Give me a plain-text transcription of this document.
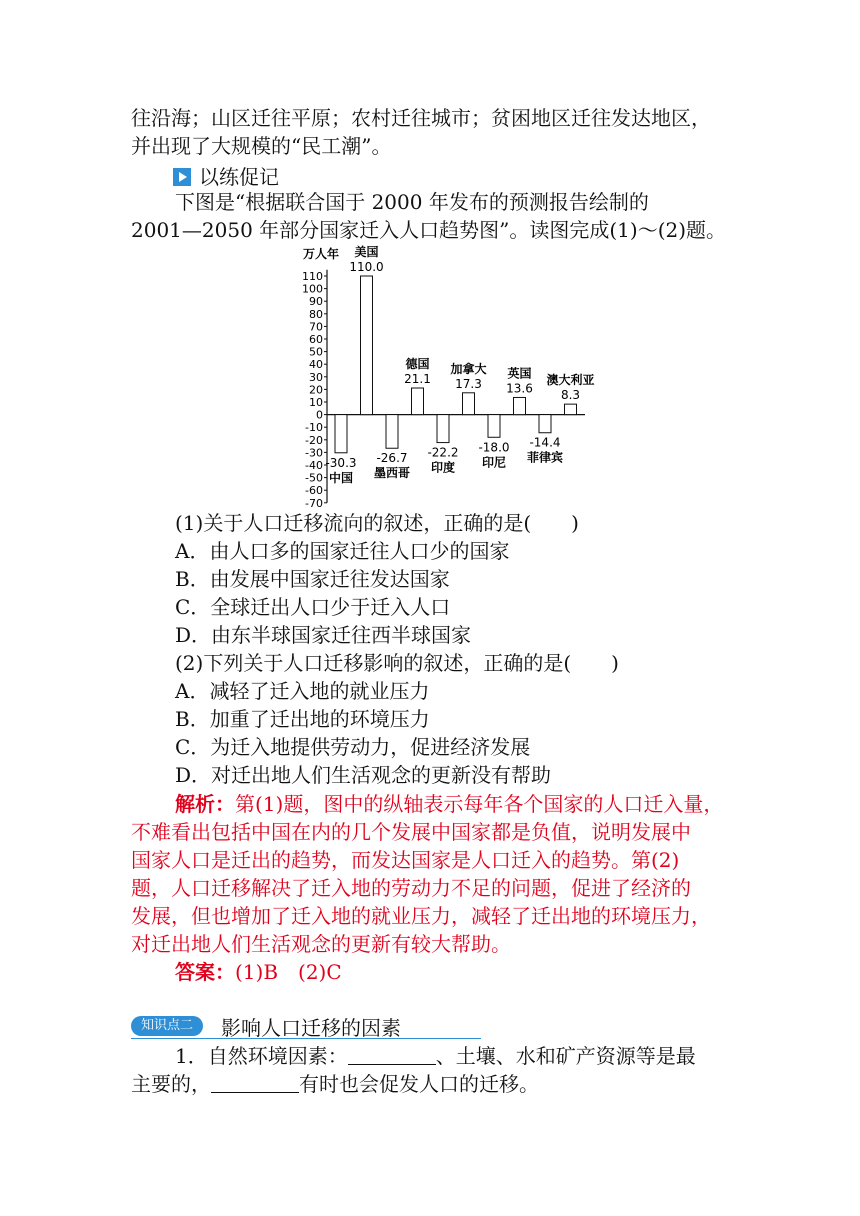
往沿海；山区迁往平原；农村迁往城市；贫困地区迁往发达地区，
并出现了大规模的“民工潮”。
以练促记
下图是“根据联合国于 2000 年发布的预测报告绘制的
2001—2050 年部分国家迁入人口趋势图”。读图完成(1)～(2)题。
万人年
110
100
90
80
70
60
50
40
30
20
10
0
-10
-20
-30
-40
-50
-60
-70
-30.3
中国
美国
110.0
-26.7
墨西哥
德国
21.1
-22.2
印度
加拿大
17.3
-18.0
印尼
英国
13.6
-14.4
菲律宾
澳大利亚
8.3
(1)关于人口迁移流向的叙述，正确的是(　　)
A．由人口多的国家迁往人口少的国家
B．由发展中国家迁往发达国家
C．全球迁出人口少于迁入人口
D．由东半球国家迁往西半球国家
(2)下列关于人口迁移影响的叙述，正确的是(　　)
A．减轻了迁入地的就业压力
B．加重了迁出地的环境压力
C．为迁入地提供劳动力，促进经济发展
D．对迁出地人们生活观念的更新没有帮助
解析：第(1)题，图中的纵轴表示每年各个国家的人口迁入量，
不难看出包括中国在内的几个发展中国家都是负值，说明发展中
国家人口是迁出的趋势，而发达国家是人口迁入的趋势。第(2)
题，人口迁移解决了迁入地的劳动力不足的问题，促进了经济的
发展，但也增加了迁入地的就业压力，减轻了迁出地的环境压力，
对迁出地人们生活观念的更新有较大帮助。
答案：(1)B　(2)C
知识点二	影响人口迁移的因素
1．自然环境因素：	、土壤、水和矿产资源等是最
主要的，	有时也会促发人口的迁移。
